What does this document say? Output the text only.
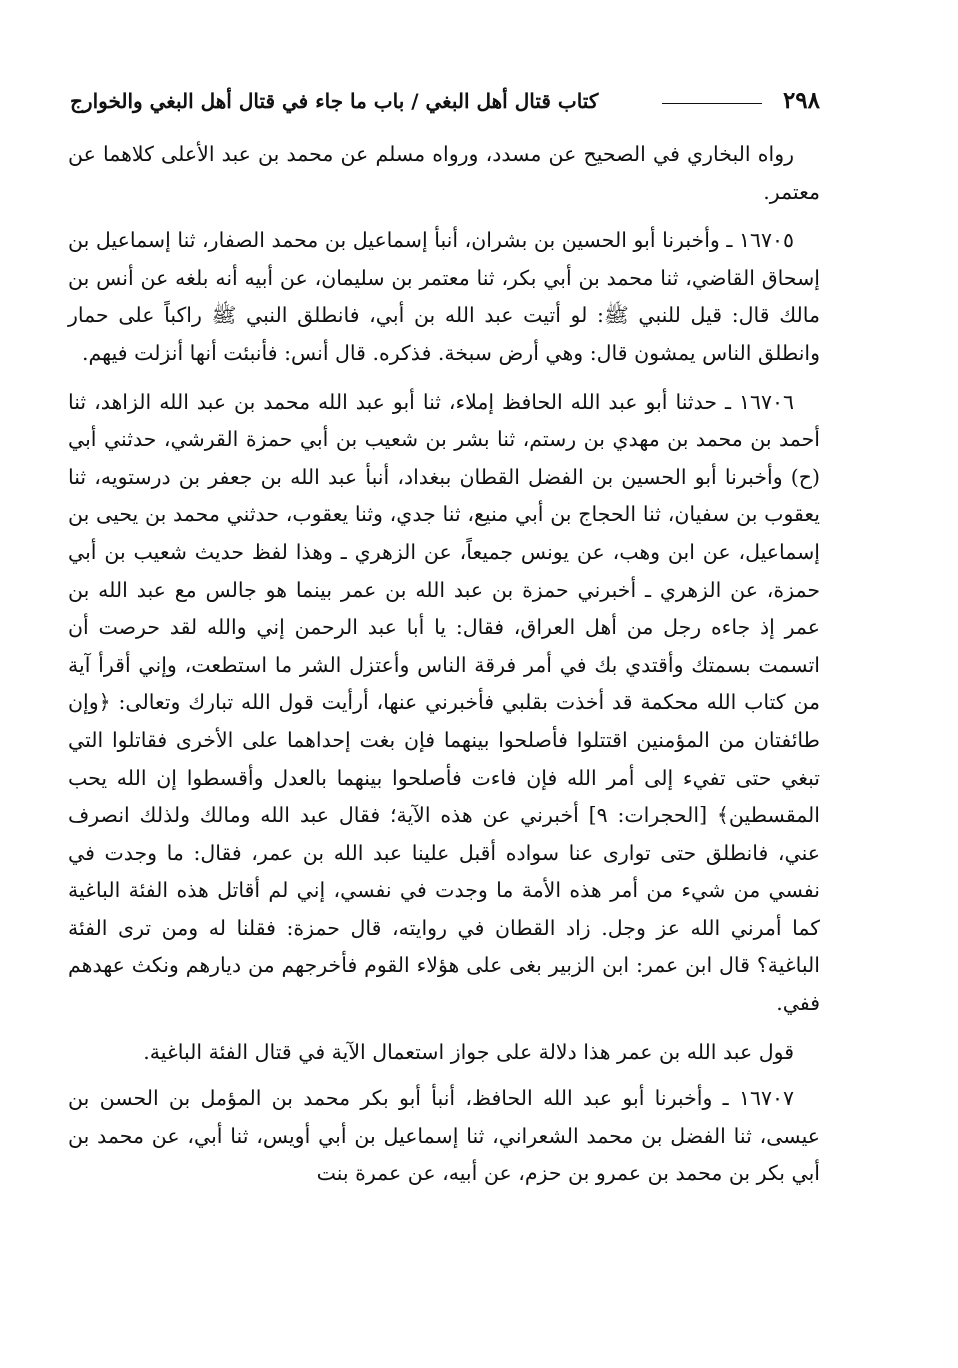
٢٩٨
كتاب قتال أهل البغي / باب ما جاء في قتال أهل البغي والخوارج

رواه البخاري في الصحيح عن مسدد، ورواه مسلم عن محمد بن عبد الأعلى كلاهما عن معتمر.

١٦٧٠٥ ـ وأخبرنا أبو الحسين بن بشران، أنبأ إسماعيل بن محمد الصفار، ثنا إسماعيل بن إسحاق القاضي، ثنا محمد بن أبي بكر، ثنا معتمر بن سليمان، عن أبيه أنه بلغه عن أنس بن مالك قال: قيل للنبي ﷺ: لو أتيت عبد الله بن أبي، فانطلق النبي ﷺ راكباً على حمار وانطلق الناس يمشون قال: وهي أرض سبخة. فذكره. قال أنس: فأنبئت أنها أنزلت فيهم.

١٦٧٠٦ ـ حدثنا أبو عبد الله الحافظ إملاء، ثنا أبو عبد الله محمد بن عبد الله الزاهد، ثنا أحمد بن محمد بن مهدي بن رستم، ثنا بشر بن شعيب بن أبي حمزة القرشي، حدثني أبي (ح) وأخبرنا أبو الحسين بن الفضل القطان ببغداد، أنبأ عبد الله بن جعفر بن درستويه، ثنا يعقوب بن سفيان، ثنا الحجاج بن أبي منيع، ثنا جدي، وثنا يعقوب، حدثني محمد بن يحيى بن إسماعيل، عن ابن وهب، عن يونس جميعاً، عن الزهري ـ وهذا لفظ حديث شعيب بن أبي حمزة، عن الزهري ـ أخبرني حمزة بن عبد الله بن عمر بينما هو جالس مع عبد الله بن عمر إذ جاءه رجل من أهل العراق، فقال: يا أبا عبد الرحمن إني والله لقد حرصت أن اتسمت بسمتك وأقتدي بك في أمر فرقة الناس وأعتزل الشر ما استطعت، وإني أقرأ آية من كتاب الله محكمة قد أخذت بقلبي فأخبرني عنها، أرأيت قول الله تبارك وتعالى: ﴿وإن طائفتان من المؤمنين اقتتلوا فأصلحوا بينهما فإن بغت إحداهما على الأخرى فقاتلوا التي تبغي حتى تفيء إلى أمر الله فإن فاءت فأصلحوا بينهما بالعدل وأقسطوا إن الله يحب المقسطين﴾ [الحجرات: ٩] أخبرني عن هذه الآية؛ فقال عبد الله ومالك ولذلك انصرف عني، فانطلق حتى توارى عنا سواده أقبل علينا عبد الله بن عمر، فقال: ما وجدت في نفسي من شيء من أمر هذه الأمة ما وجدت في نفسي، إني لم أقاتل هذه الفئة الباغية كما أمرني الله عز وجل. زاد القطان في روايته، قال حمزة: فقلنا له ومن ترى الفئة الباغية؟ قال ابن عمر: ابن الزبير بغى على هؤلاء القوم فأخرجهم من ديارهم ونكث عهدهم ففي.

قول عبد الله بن عمر هذا دلالة على جواز استعمال الآية في قتال الفئة الباغية.

١٦٧٠٧ ـ وأخبرنا أبو عبد الله الحافظ، أنبأ أبو بكر محمد بن المؤمل بن الحسن بن عيسى، ثنا الفضل بن محمد الشعراني، ثنا إسماعيل بن أبي أويس، ثنا أبي، عن محمد بن أبي بكر بن محمد بن عمرو بن حزم، عن أبيه، عن عمرة بنت
